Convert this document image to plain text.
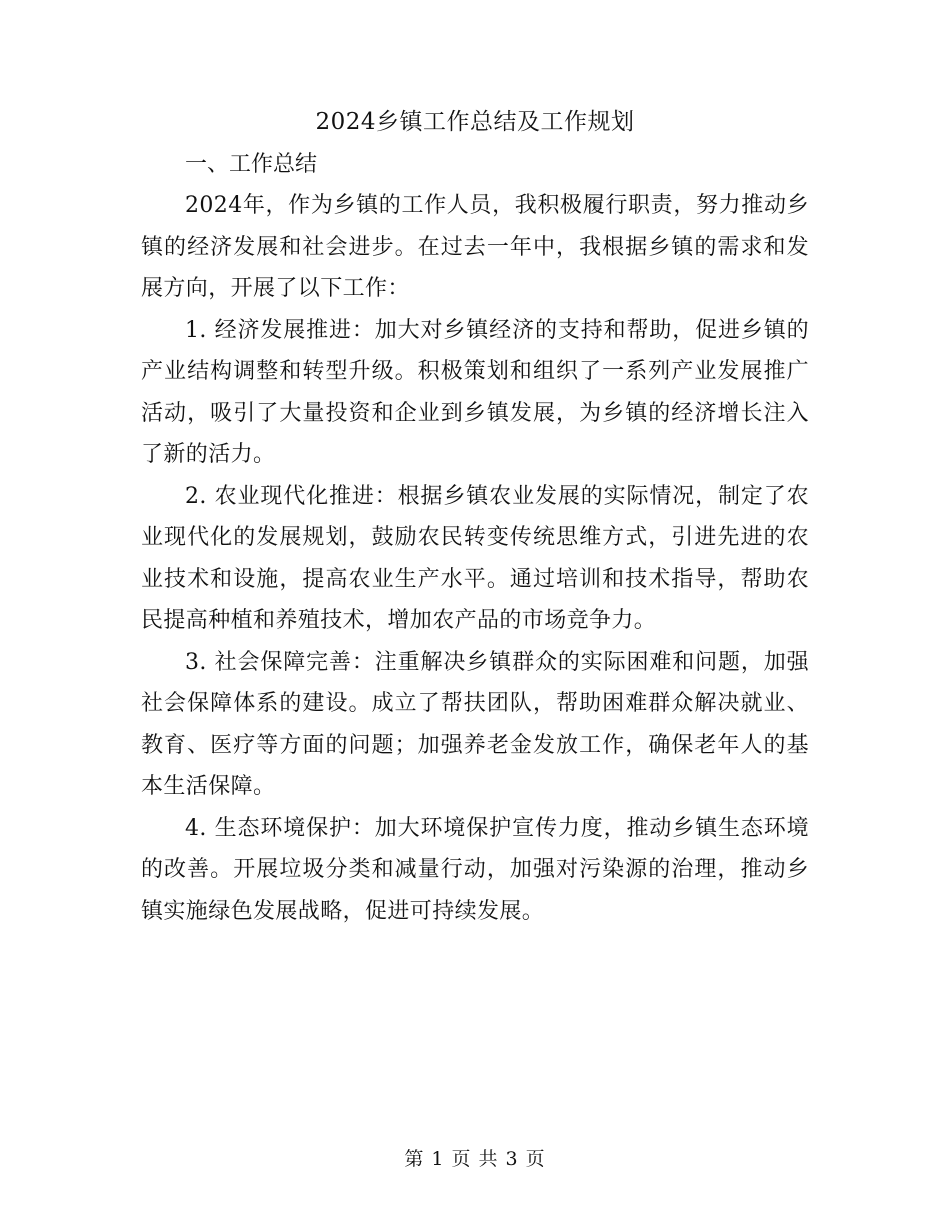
2024乡镇工作总结及工作规划

一、工作总结

2024年，作为乡镇的工作人员，我积极履行职责，努力推动乡镇的经济发展和社会进步。在过去一年中，我根据乡镇的需求和发展方向，开展了以下工作：

1. 经济发展推进：加大对乡镇经济的支持和帮助，促进乡镇的产业结构调整和转型升级。积极策划和组织了一系列产业发展推广活动，吸引了大量投资和企业到乡镇发展，为乡镇的经济增长注入了新的活力。

2. 农业现代化推进：根据乡镇农业发展的实际情况，制定了农业现代化的发展规划，鼓励农民转变传统思维方式，引进先进的农业技术和设施，提高农业生产水平。通过培训和技术指导，帮助农民提高种植和养殖技术，增加农产品的市场竞争力。

3. 社会保障完善：注重解决乡镇群众的实际困难和问题，加强社会保障体系的建设。成立了帮扶团队，帮助困难群众解决就业、教育、医疗等方面的问题；加强养老金发放工作，确保老年人的基本生活保障。

4. 生态环境保护：加大环境保护宣传力度，推动乡镇生态环境的改善。开展垃圾分类和减量行动，加强对污染源的治理，推动乡镇实施绿色发展战略，促进可持续发展。

第 1 页 共 3 页
